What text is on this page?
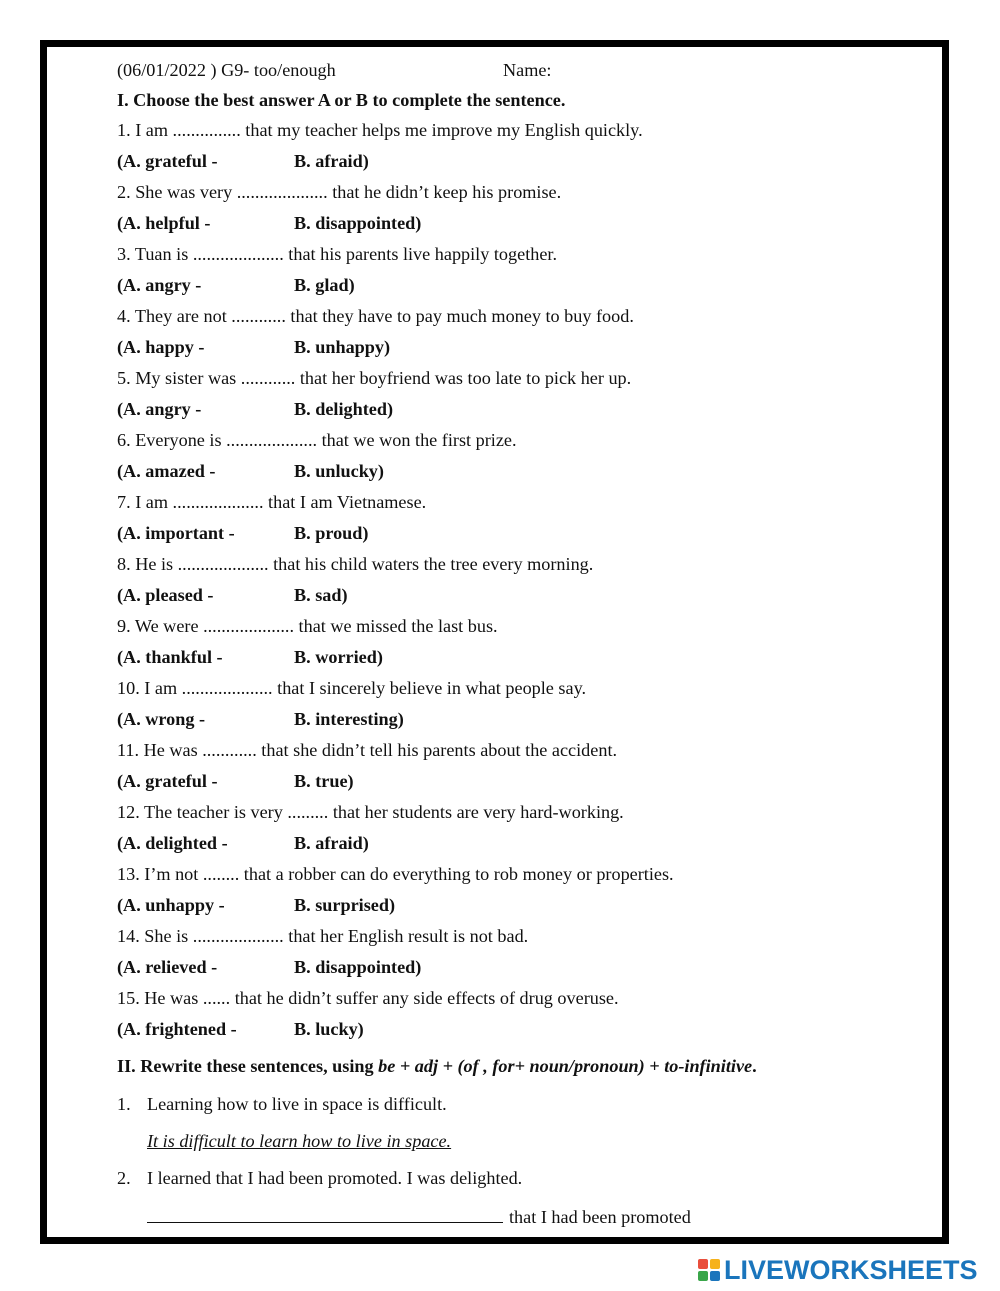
(06/01/2022 ) G9- too/enough	Name:
I. Choose the best answer A or B to complete the sentence.
1. I am ............... that my teacher helps me improve my English quickly.
(A. grateful -	B. afraid)
2. She was very .................... that he didn’t keep his promise.
(A. helpful -	B. disappointed)
3. Tuan is .................... that his parents live happily together.
(A. angry -	B. glad)
4. They are not ............ that they have to pay much money to buy food.
(A. happy -	B. unhappy)
5. My sister was ............ that her boyfriend was too late to pick her up.
(A. angry -	B. delighted)
6. Everyone is .................... that we won the first prize.
(A. amazed -	B. unlucky)
7. I am .................... that I am Vietnamese.
(A. important -	B. proud)
8. He is .................... that his child waters the tree every morning.
(A. pleased -	B. sad)
9. We were .................... that we missed the last bus.
(A. thankful -	B. worried)
10. I am .................... that I sincerely believe in what people say.
(A. wrong -	B. interesting)
11. He was ............ that she didn’t tell his parents about the accident.
(A. grateful -	B. true)
12. The teacher is very ......... that her students are very hard-working.
(A. delighted -	B. afraid)
13. I’m not ........ that a robber can do everything to rob money or properties.
(A. unhappy -	B. surprised)
14. She is .................... that her English result is not bad.
(A. relieved -	B. disappointed)
15. He was ...... that he didn’t suffer any side effects of drug overuse.
(A. frightened -	B. lucky)
II. Rewrite these sentences, using be + adj + (of , for+ noun/pronoun) + to-infinitive.
1. Learning how to live in space is difficult.
It is difficult to learn how to live in space.
2. I learned that I had been promoted. I was delighted.
that I had been promoted
LIVEWORKSHEETS
